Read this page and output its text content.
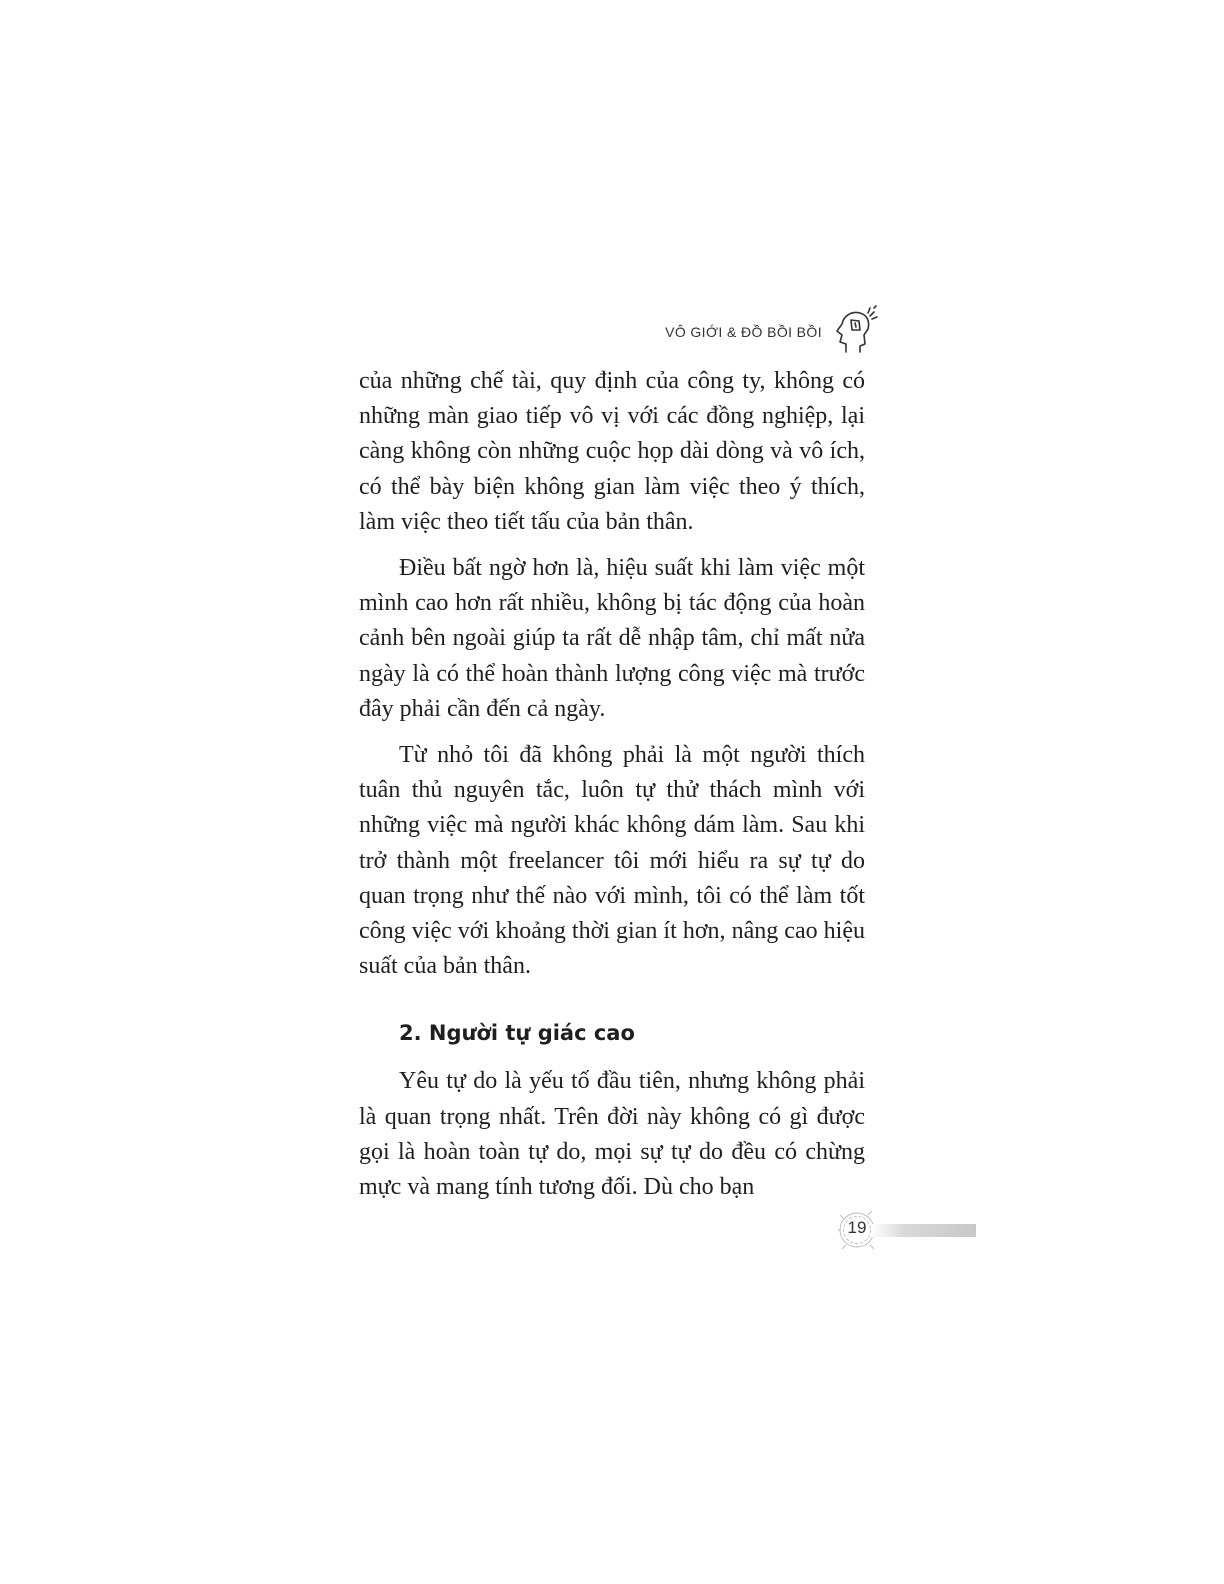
VÔ GIỚI & ĐỒ BỒI BỒI

của những chế tài, quy định của công ty, không có những màn giao tiếp vô vị với các đồng nghiệp, lại càng không còn những cuộc họp dài dòng và vô ích, có thể bày biện không gian làm việc theo ý thích, làm việc theo tiết tấu của bản thân.

Điều bất ngờ hơn là, hiệu suất khi làm việc một mình cao hơn rất nhiều, không bị tác động của hoàn cảnh bên ngoài giúp ta rất dễ nhập tâm, chỉ mất nửa ngày là có thể hoàn thành lượng công việc mà trước đây phải cần đến cả ngày.

Từ nhỏ tôi đã không phải là một người thích tuân thủ nguyên tắc, luôn tự thử thách mình với những việc mà người khác không dám làm. Sau khi trở thành một freelancer tôi mới hiểu ra sự tự do quan trọng như thế nào với mình, tôi có thể làm tốt công việc với khoảng thời gian ít hơn, nâng cao hiệu suất của bản thân.

2. Người tự giác cao

Yêu tự do là yếu tố đầu tiên, nhưng không phải là quan trọng nhất. Trên đời này không có gì được gọi là hoàn toàn tự do, mọi sự tự do đều có chừng mực và mang tính tương đối. Dù cho bạn

19
